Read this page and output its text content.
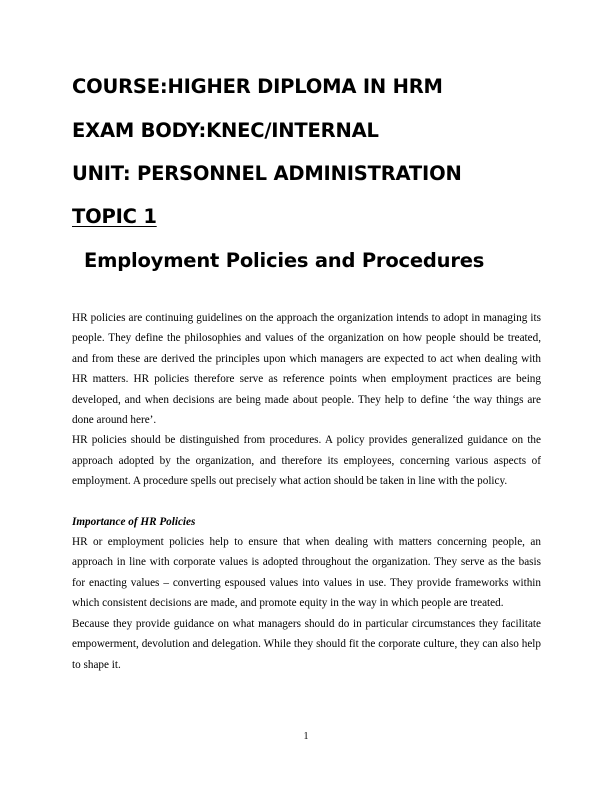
COURSE:HIGHER DIPLOMA IN HRM
EXAM BODY:KNEC/INTERNAL
UNIT: PERSONNEL ADMINISTRATION
TOPIC 1
Employment Policies and Procedures

HR policies are continuing guidelines on the approach the organization intends to adopt in managing its people. They define the philosophies and values of the organization on how people should be treated, and from these are derived the principles upon which managers are expected to act when dealing with HR matters. HR policies therefore serve as reference points when employment practices are being developed, and when decisions are being made about people. They help to define ‘the way things are done around here’.

HR policies should be distinguished from procedures. A policy provides generalized guidance on the approach adopted by the organization, and therefore its employees, concerning various aspects of employment. A procedure spells out precisely what action should be taken in line with the policy.

Importance of HR Policies

HR or employment policies help to ensure that when dealing with matters concerning people, an approach in line with corporate values is adopted throughout the organization. They serve as the basis for enacting values – converting espoused values into values in use. They provide frameworks within which consistent decisions are made, and promote equity in the way in which people are treated.

Because they provide guidance on what managers should do in particular circumstances they facilitate empowerment, devolution and delegation. While they should fit the corporate culture, they can also help to shape it.

1
